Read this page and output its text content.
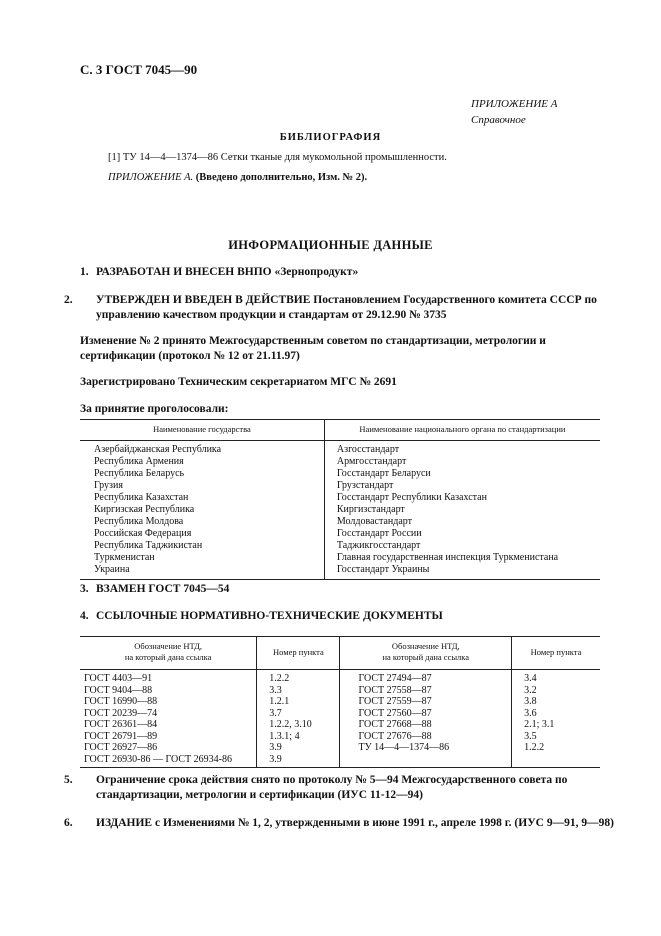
С. 3 ГОСТ 7045—90
ПРИЛОЖЕНИЕ А
Справочное
БИБЛИОГРАФИЯ
[1] ТУ 14—4—1374—86 Сетки тканые для мукомольной промышленности.
ПРИЛОЖЕНИЕ А. (Введено дополнительно, Изм. № 2).
ИНФОРМАЦИОННЫЕ ДАННЫЕ
1. РАЗРАБОТАН И ВНЕСЕН ВНПО «Зернопродукт»
2. УТВЕРЖДЕН И ВВЕДЕН В ДЕЙСТВИЕ Постановлением Государственного комитета СССР по управлению качеством продукции и стандартам от 29.12.90 № 3735
Изменение № 2 принято Межгосударственным советом по стандартизации, метрологии и сертификации (протокол № 12 от 21.11.97)
Зарегистрировано Техническим секретариатом МГС № 2691
За принятие проголосовали:
Наименование государства	Наименование национального органа по стандартизации
Азербайджанская Республика	Азгосстандарт
Республика Армения	Армгосстандарт
Республика Беларусь	Госстандарт Беларуси
Грузия	Грузстандарт
Республика Казахстан	Госстандарт Республики Казахстан
Киргизская Республика	Киргизстандарт
Республика Молдова	Молдовастандарт
Российская Федерация	Госстандарт России
Республика Таджикистан	Таджикгосстандарт
Туркменистан	Главная государственная инспекция Туркменистана
Украина	Госстандарт Украины
3. ВЗАМЕН ГОСТ 7045—54
4. ССЫЛОЧНЫЕ НОРМАТИВНО-ТЕХНИЧЕСКИЕ ДОКУМЕНТЫ
Обозначение НТД,
на который дана ссылка	Номер пункта	Обозначение НТД,
на который дана ссылка	Номер пункта
ГОСТ 4403—91	1.2.2	ГОСТ 27494—87	3.4
ГОСТ 9404—88	3.3	ГОСТ 27558—87	3.2
ГОСТ 16990—88	1.2.1	ГОСТ 27559—87	3.8
ГОСТ 20239—74	3.7	ГОСТ 27560—87	3.6
ГОСТ 26361—84	1.2.2, 3.10	ГОСТ 27668—88	2.1; 3.1
ГОСТ 26791—89	1.3.1; 4	ГОСТ 27676—88	3.5
ГОСТ 26927—86	3.9	ТУ 14—4—1374—86	1.2.2
ГОСТ 26930-86 — ГОСТ 26934-86	3.9		
5. Ограничение срока действия снято по протоколу № 5—94 Межгосударственного совета по стандартизации, метрологии и сертификации (ИУС 11-12—94)
6. ИЗДАНИЕ с Изменениями № 1, 2, утвержденными в июне 1991 г., апреле 1998 г. (ИУС 9—91, 9—98)
